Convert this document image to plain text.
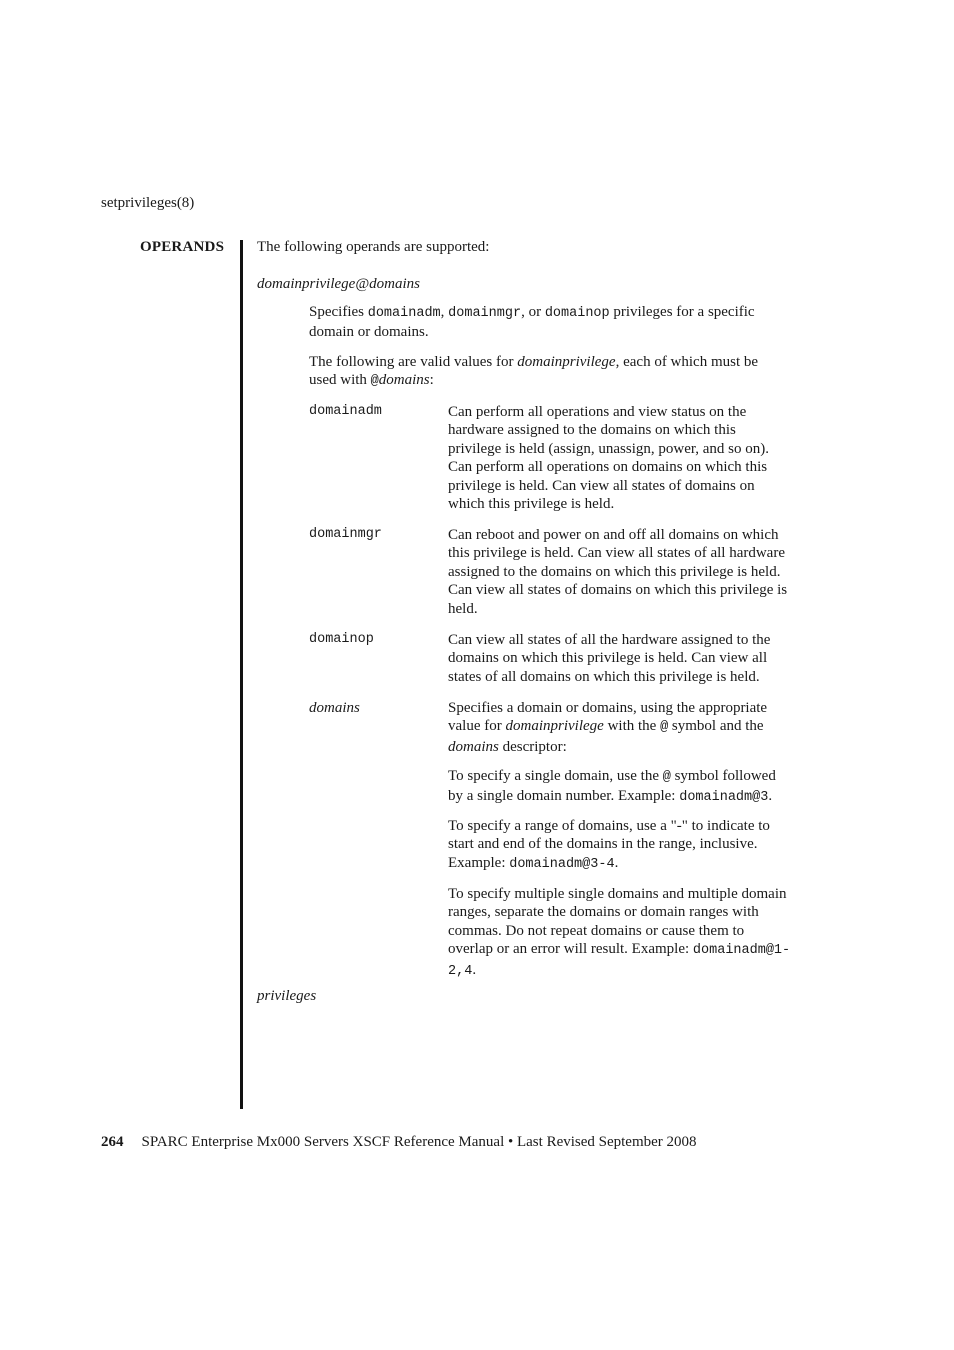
setprivileges(8)
OPERANDS The following operands are supported:
domainprivilege@domains
Specifies domainadm, domainmgr, or domainop privileges for a specific
domain or domains.
The following are valid values for domainprivilege, each of which must be
used with @domains:
domainadm	Can perform all operations and view status on the
hardware assigned to the domains on which this
privilege is held (assign, unassign, power, and so on).
Can perform all operations on domains on which this
privilege is held. Can view all states of domains on
which this privilege is held.
domainmgr	Can reboot and power on and off all domains on which
this privilege is held. Can view all states of all hardware
assigned to the domains on which this privilege is held.
Can view all states of domains on which this privilege is
held.
domainop	Can view all states of all the hardware assigned to the
domains on which this privilege is held. Can view all
states of all domains on which this privilege is held.
domains	Specifies a domain or domains, using the appropriate
value for domainprivilege with the @ symbol and the
domains descriptor:
To specify a single domain, use the @ symbol followed
by a single domain number. Example: domainadm@3.
To specify a range of domains, use a "-" to indicate to
start and end of the domains in the range, inclusive.
Example: domainadm@3-4.
To specify multiple single domains and multiple domain
ranges, separate the domains or domain ranges with
commas. Do not repeat domains or cause them to
overlap or an error will result. Example: domainadm@1-
2,4.
privileges
264 SPARC Enterprise Mx000 Servers XSCF Reference Manual • Last Revised September 2008
